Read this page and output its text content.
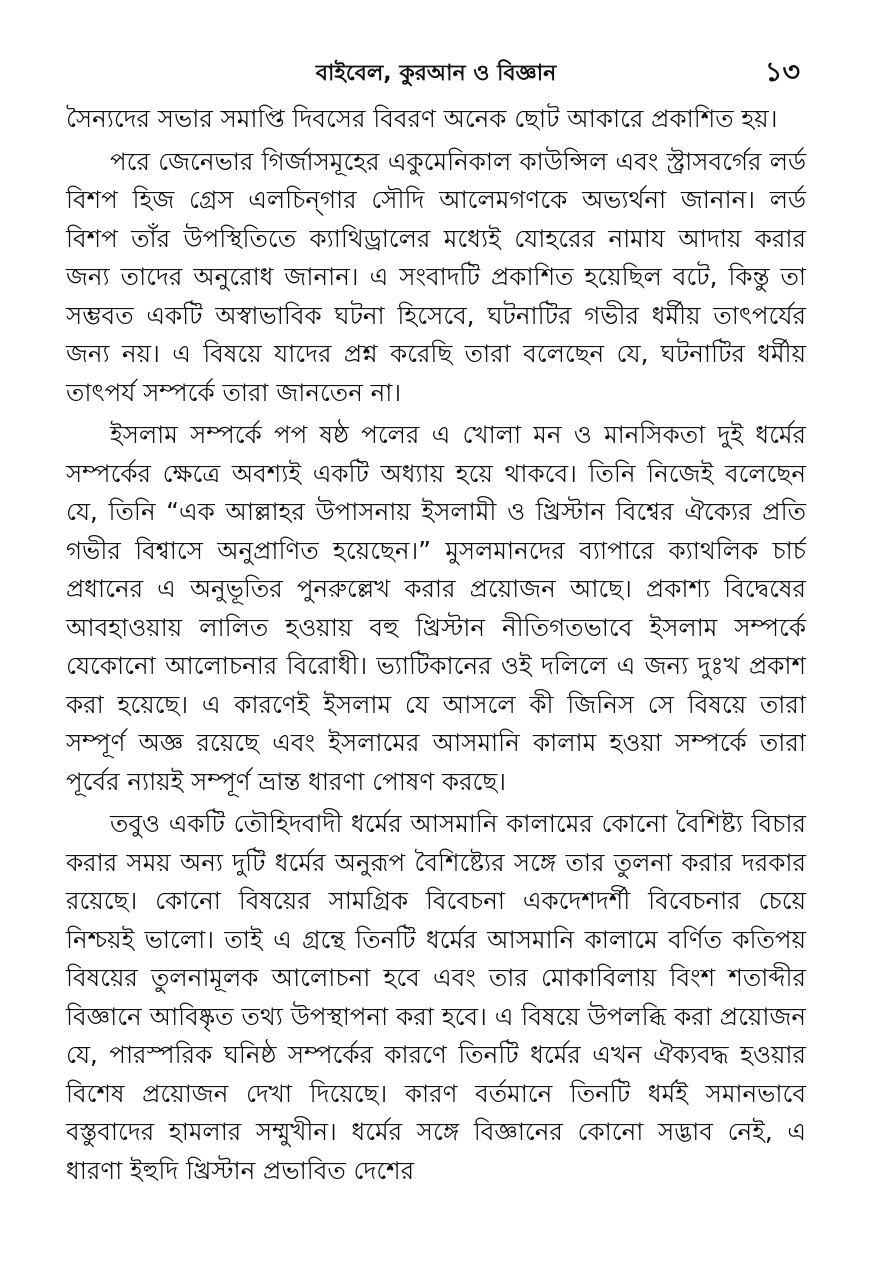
বাইবেল, কুরআন ও বিজ্ঞান	১৩

সৈন্যদের সভার সমাপ্তি দিবসের বিবরণ অনেক ছোট আকারে প্রকাশিত হয়।

পরে জেনেভার গির্জাসমূহের একুমেনিকাল কাউন্সিল এবং স্ট্রাসবর্গের লর্ড বিশপ হিজ গ্রেস এলচিন্গার সৌদি আলেমগণকে অভ্যর্থনা জানান। লর্ড বিশপ তাঁর উপস্থিতিতে ক্যাথিড্রালের মধ্যেই যোহরের নামায আদায় করার জন্য তাদের অনুরোধ জানান। এ সংবাদটি প্রকাশিত হয়েছিল বটে, কিন্তু তা সম্ভবত একটি অস্বাভাবিক ঘটনা হিসেবে, ঘটনাটির গভীর ধর্মীয় তাৎপর্যের জন্য নয়। এ বিষয়ে যাদের প্রশ্ন করেছি তারা বলেছেন যে, ঘটনাটির ধর্মীয় তাৎপর্য সম্পর্কে তারা জানতেন না।

ইসলাম সম্পর্কে পপ ষষ্ঠ পলের এ খোলা মন ও মানসিকতা দুই ধর্মের সম্পর্কের ক্ষেত্রে অবশ্যই একটি অধ্যায় হয়ে থাকবে। তিনি নিজেই বলেছেন যে, তিনি “এক আল্লাহর উপাসনায় ইসলামী ও খ্রিস্টান বিশ্বের ঐক্যের প্রতি গভীর বিশ্বাসে অনুপ্রাণিত হয়েছেন।” মুসলমানদের ব্যাপারে ক্যাথলিক চার্চ প্রধানের এ অনুভূতির পুনরুল্লেখ করার প্রয়োজন আছে। প্রকাশ্য বিদ্বেষের আবহাওয়ায় লালিত হওয়ায় বহু খ্রিস্টান নীতিগতভাবে ইসলাম সম্পর্কে যেকোনো আলোচনার বিরোধী। ভ্যাটিকানের ওই দলিলে এ জন্য দুঃখ প্রকাশ করা হয়েছে। এ কারণেই ইসলাম যে আসলে কী জিনিস সে বিষয়ে তারা সম্পূর্ণ অজ্ঞ রয়েছে এবং ইসলামের আসমানি কালাম হওয়া সম্পর্কে তারা পূর্বের ন্যায়ই সম্পূর্ণ ভ্রান্ত ধারণা পোষণ করছে।

তবুও একটি তৌহিদবাদী ধর্মের আসমানি কালামের কোনো বৈশিষ্ট্য বিচার করার সময় অন্য দুটি ধর্মের অনুরূপ বৈশিষ্ট্যের সঙ্গে তার তুলনা করার দরকার রয়েছে। কোনো বিষয়ের সামগ্রিক বিবেচনা একদেশদর্শী বিবেচনার চেয়ে নিশ্চয়ই ভালো। তাই এ গ্রন্থে তিনটি ধর্মের আসমানি কালামে বর্ণিত কতিপয় বিষয়ের তুলনামূলক আলোচনা হবে এবং তার মোকাবিলায় বিংশ শতাব্দীর বিজ্ঞানে আবিষ্কৃত তথ্য উপস্থাপনা করা হবে। এ বিষয়ে উপলব্ধি করা প্রয়োজন যে, পারস্পরিক ঘনিষ্ঠ সম্পর্কের কারণে তিনটি ধর্মের এখন ঐক্যবদ্ধ হওয়ার বিশেষ প্রয়োজন দেখা দিয়েছে। কারণ বর্তমানে তিনটি ধর্মই সমানভাবে বস্তুবাদের হামলার সম্মুখীন। ধর্মের সঙ্গে বিজ্ঞানের কোনো সদ্ভাব নেই, এ ধারণা ইহুদি খ্রিস্টান প্রভাবিত দেশের
